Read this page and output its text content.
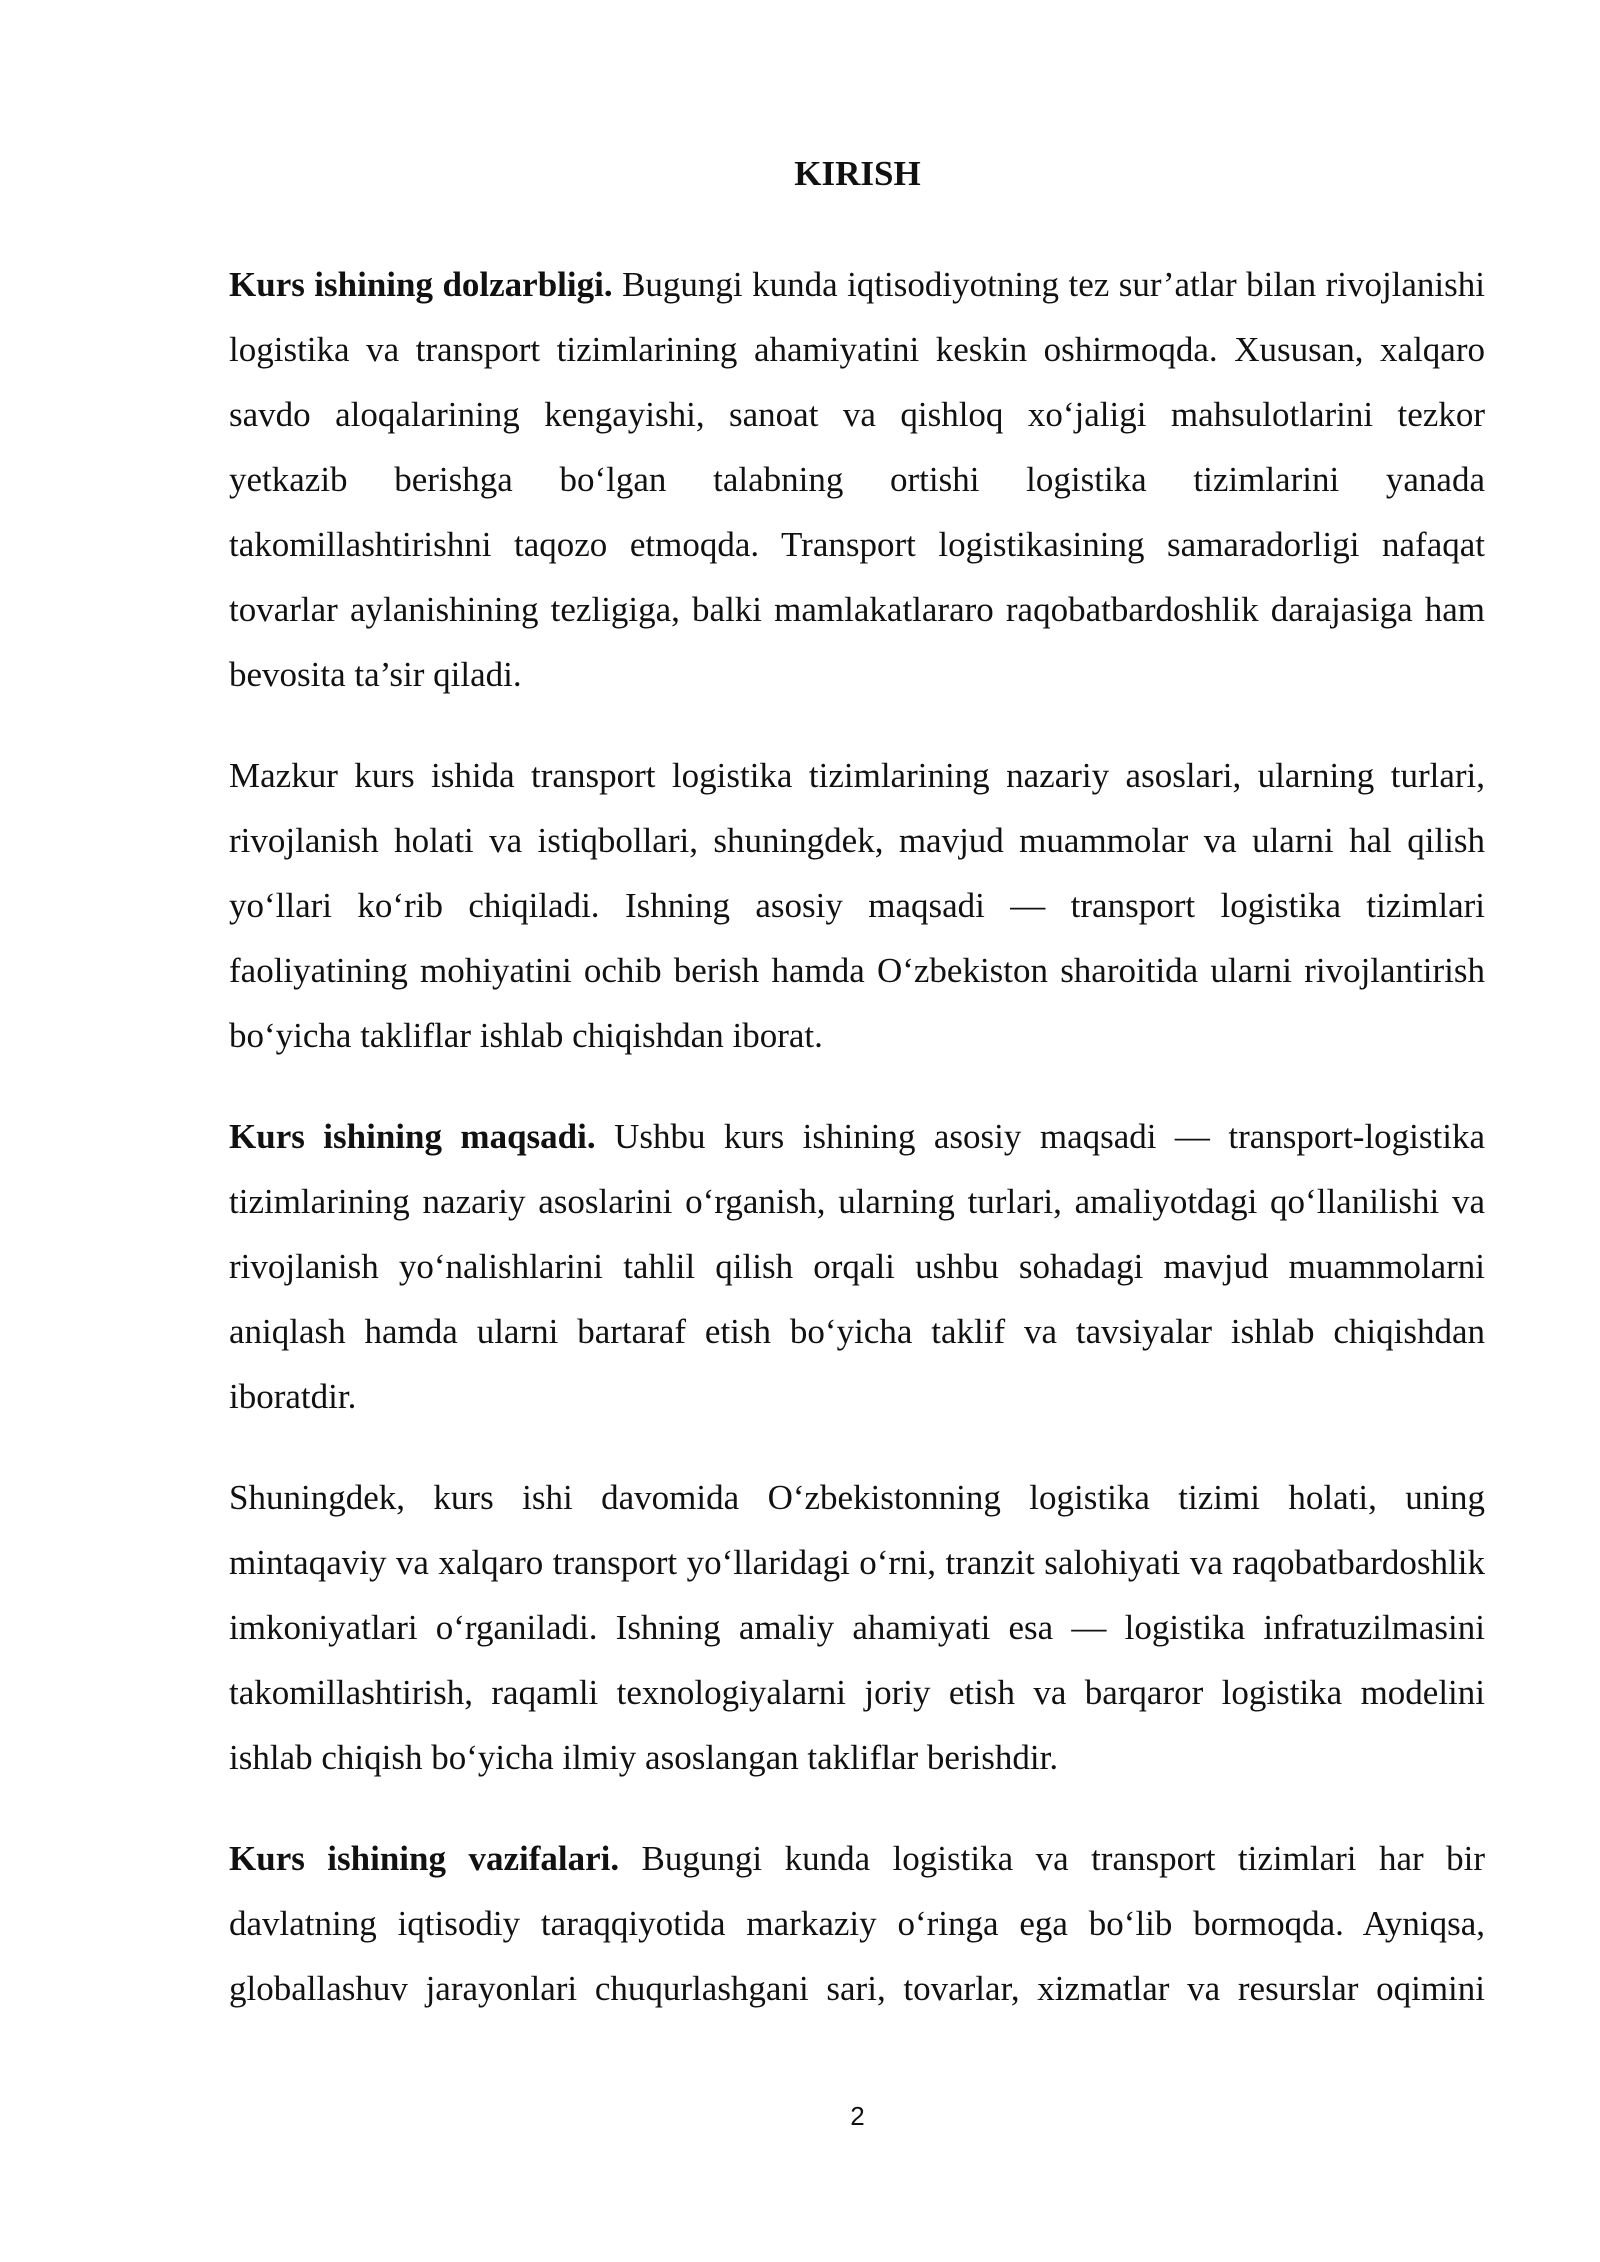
KIRISH

Kurs ishining dolzarbligi. Bugungi kunda iqtisodiyotning tez sur’atlar bilan rivojlanishi logistika va transport tizimlarining ahamiyatini keskin oshirmoqda. Xususan, xalqaro savdo aloqalarining kengayishi, sanoat va qishloq xo‘jaligi mahsulotlarini tezkor yetkazib berishga bo‘lgan talabning ortishi logistika tizimlarini yanada takomillashtirishni taqozo etmoqda. Transport logistikasining samaradorligi nafaqat tovarlar aylanishining tezligiga, balki mamlakatlararo raqobatbardoshlik darajasiga ham bevosita ta’sir qiladi.

Mazkur kurs ishida transport logistika tizimlarining nazariy asoslari, ularning turlari, rivojlanish holati va istiqbollari, shuningdek, mavjud muammolar va ularni hal qilish yo‘llari ko‘rib chiqiladi. Ishning asosiy maqsadi — transport logistika tizimlari faoliyatining mohiyatini ochib berish hamda O‘zbekiston sharoitida ularni rivojlantirish bo‘yicha takliflar ishlab chiqishdan iborat.

Kurs ishining maqsadi. Ushbu kurs ishining asosiy maqsadi — transport-logistika tizimlarining nazariy asoslarini o‘rganish, ularning turlari, amaliyotdagi qo‘llanilishi va rivojlanish yo‘nalishlarini tahlil qilish orqali ushbu sohadagi mavjud muammolarni aniqlash hamda ularni bartaraf etish bo‘yicha taklif va tavsiyalar ishlab chiqishdan iboratdir.

Shuningdek, kurs ishi davomida O‘zbekistonning logistika tizimi holati, uning mintaqaviy va xalqaro transport yo‘llaridagi o‘rni, tranzit salohiyati va raqobatbardoshlik imkoniyatlari o‘rganiladi. Ishning amaliy ahamiyati esa — logistika infratuzilmasini takomillashtirish, raqamli texnologiyalarni joriy etish va barqaror logistika modelini ishlab chiqish bo‘yicha ilmiy asoslangan takliflar berishdir.

Kurs ishining vazifalari. Bugungi kunda logistika va transport tizimlari har bir davlatning iqtisodiy taraqqiyotida markaziy o‘ringa ega bo‘lib bormoqda. Ayniqsa, globallashuv jarayonlari chuqurlashgani sari, tovarlar, xizmatlar va resurslar oqimini

2
